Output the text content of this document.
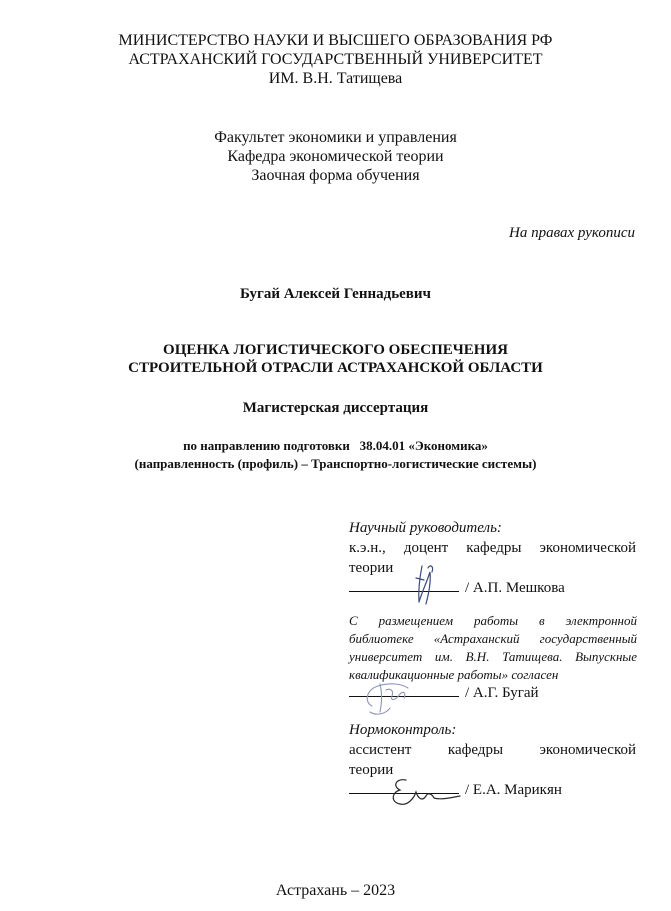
МИНИСТЕРСТВО НАУКИ И ВЫСШЕГО ОБРАЗОВАНИЯ РФ
АСТРАХАНСКИЙ ГОСУДАРСТВЕННЫЙ УНИВЕРСИТЕТ
ИМ. В.Н. Татищева
Факультет экономики и управления
Кафедра экономической теории
Заочная форма обучения
На правах рукописи
Бугай Алексей Геннадьевич
ОЦЕНКА ЛОГИСТИЧЕСКОГО ОБЕСПЕЧЕНИЯ
СТРОИТЕЛЬНОЙ ОТРАСЛИ АСТРАХАНСКОЙ ОБЛАСТИ
Магистерская диссертация
по направлению подготовки   38.04.01 «Экономика»
(направленность (профиль) – Транспортно-логистические системы)
Научный руководитель:
к.э.н., доцент кафедры экономической
теории
/ А.П. Мешкова
С размещением работы в электронной
библиотеке «Астраханский государственный
университет им. В.Н. Татищева. Выпускные
квалификационные работы» согласен
/ А.Г. Бугай
Нормоконтроль:
ассистент кафедры экономической
теории
/ Е.А. Марикян
Астрахань – 2023
